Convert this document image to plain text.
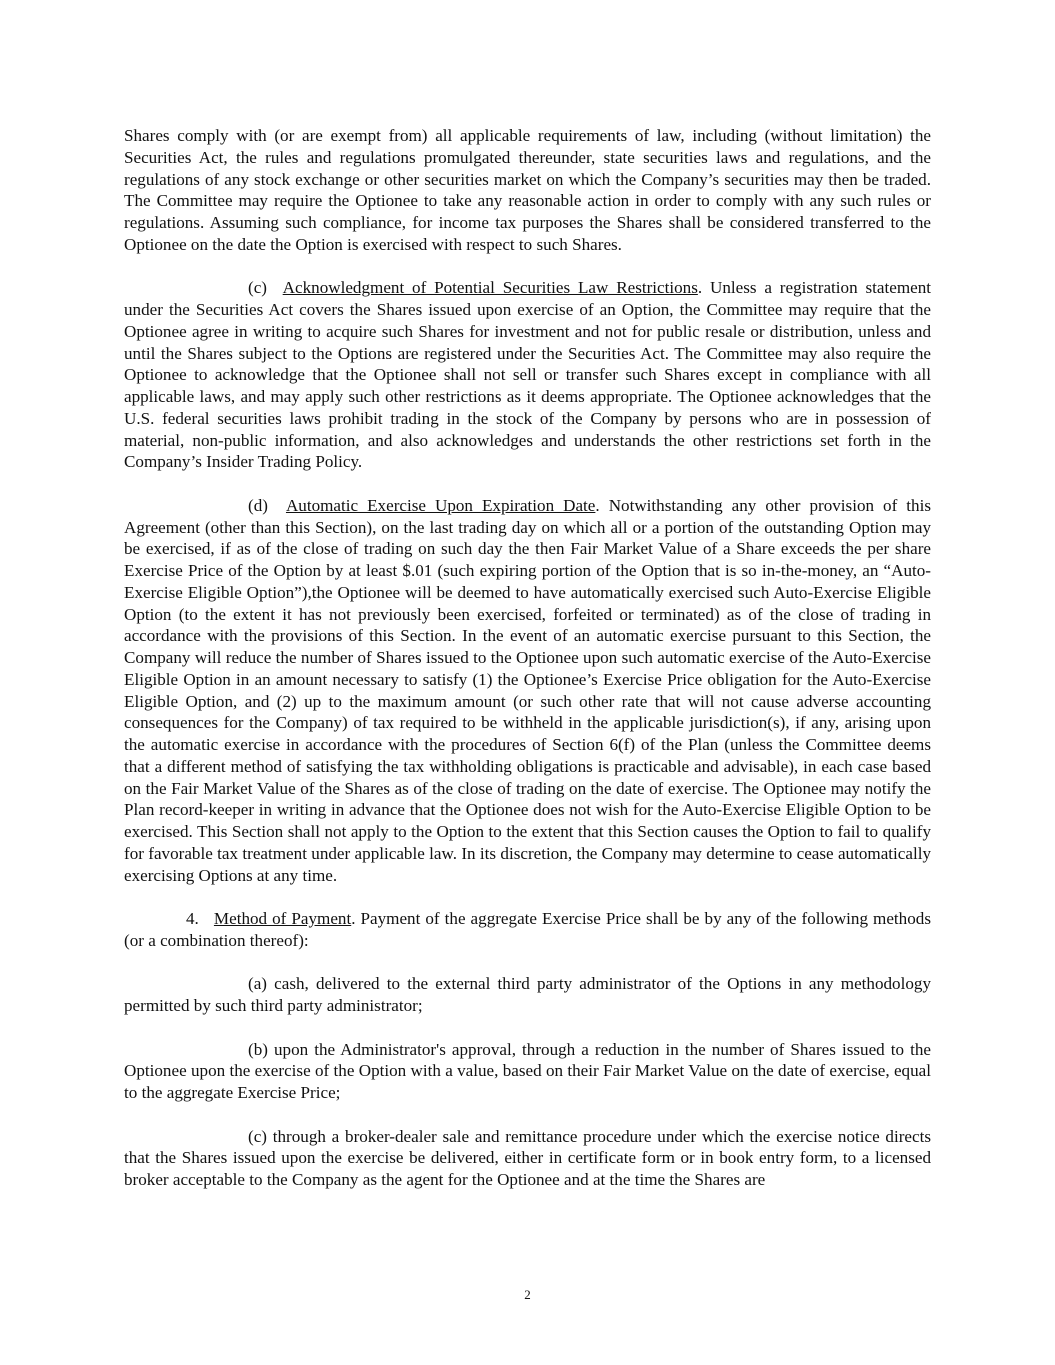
Shares comply with (or are exempt from) all applicable requirements of law, including (without limitation) the Securities Act, the rules and regulations promulgated thereunder, state securities laws and regulations, and the regulations of any stock exchange or other securities market on which the Company’s securities may then be traded. The Committee may require the Optionee to take any reasonable action in order to comply with any such rules or regulations. Assuming such compliance, for income tax purposes the Shares shall be considered transferred to the Optionee on the date the Option is exercised with respect to such Shares.

(c) Acknowledgment of Potential Securities Law Restrictions. Unless a registration statement under the Securities Act covers the Shares issued upon exercise of an Option, the Committee may require that the Optionee agree in writing to acquire such Shares for investment and not for public resale or distribution, unless and until the Shares subject to the Options are registered under the Securities Act. The Committee may also require the Optionee to acknowledge that the Optionee shall not sell or transfer such Shares except in compliance with all applicable laws, and may apply such other restrictions as it deems appropriate. The Optionee acknowledges that the U.S. federal securities laws prohibit trading in the stock of the Company by persons who are in possession of material, non-public information, and also acknowledges and understands the other restrictions set forth in the Company’s Insider Trading Policy.

(d) Automatic Exercise Upon Expiration Date. Notwithstanding any other provision of this Agreement (other than this Section), on the last trading day on which all or a portion of the outstanding Option may be exercised, if as of the close of trading on such day the then Fair Market Value of a Share exceeds the per share Exercise Price of the Option by at least $.01 (such expiring portion of the Option that is so in-the-money, an “Auto-Exercise Eligible Option”),the Optionee will be deemed to have automatically exercised such Auto-Exercise Eligible Option (to the extent it has not previously been exercised, forfeited or terminated) as of the close of trading in accordance with the provisions of this Section. In the event of an automatic exercise pursuant to this Section, the Company will reduce the number of Shares issued to the Optionee upon such automatic exercise of the Auto-Exercise Eligible Option in an amount necessary to satisfy (1) the Optionee’s Exercise Price obligation for the Auto-Exercise Eligible Option, and (2) up to the maximum amount (or such other rate that will not cause adverse accounting consequences for the Company) of tax required to be withheld in the applicable jurisdiction(s), if any, arising upon the automatic exercise in accordance with the procedures of Section 6(f) of the Plan (unless the Committee deems that a different method of satisfying the tax withholding obligations is practicable and advisable), in each case based on the Fair Market Value of the Shares as of the close of trading on the date of exercise. The Optionee may notify the Plan record-keeper in writing in advance that the Optionee does not wish for the Auto-Exercise Eligible Option to be exercised. This Section shall not apply to the Option to the extent that this Section causes the Option to fail to qualify for favorable tax treatment under applicable law. In its discretion, the Company may determine to cease automatically exercising Options at any time.

4. Method of Payment. Payment of the aggregate Exercise Price shall be by any of the following methods (or a combination thereof):

(a) cash, delivered to the external third party administrator of the Options in any methodology permitted by such third party administrator;

(b) upon the Administrator's approval, through a reduction in the number of Shares issued to the Optionee upon the exercise of the Option with a value, based on their Fair Market Value on the date of exercise, equal to the aggregate Exercise Price;

(c) through a broker-dealer sale and remittance procedure under which the exercise notice directs that the Shares issued upon the exercise be delivered, either in certificate form or in book entry form, to a licensed broker acceptable to the Company as the agent for the Optionee and at the time the Shares are

2
